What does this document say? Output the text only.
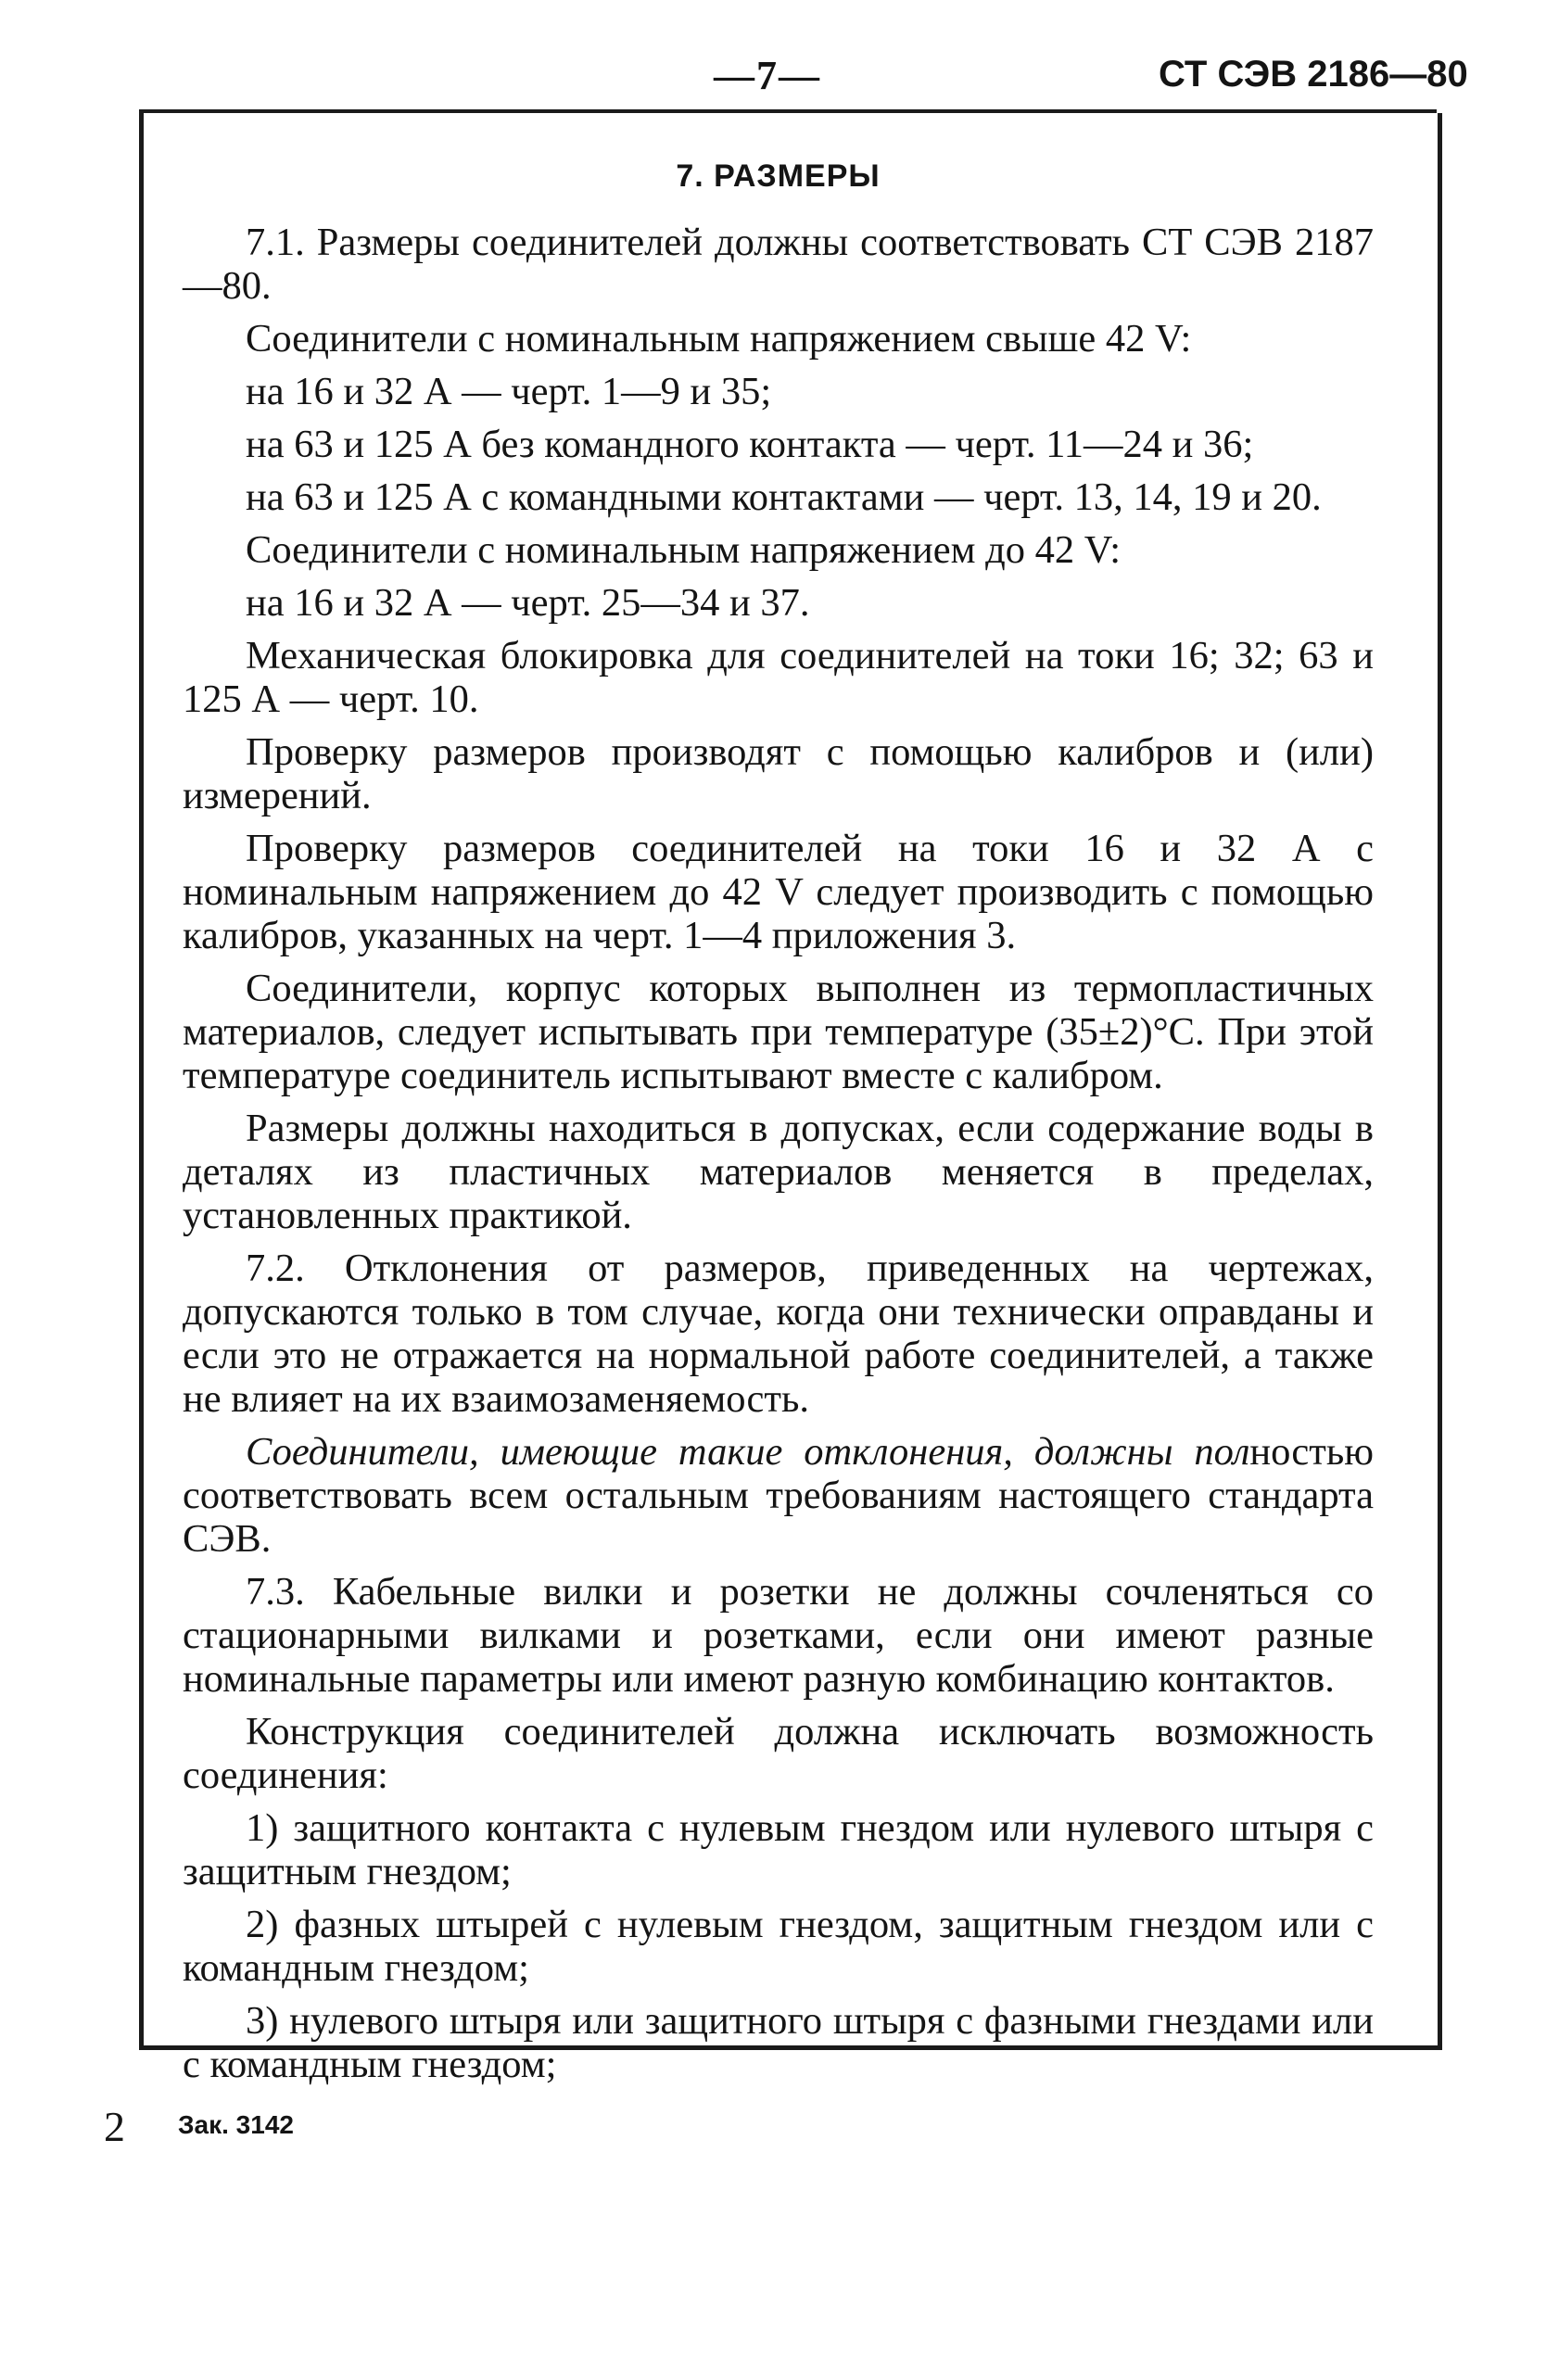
—7—	СТ СЭВ 2186—80
7. РАЗМЕРЫ

7.1. Размеры соединителей должны соответствовать СТ СЭВ 2187—80.

Соединители с номинальным напряжением свыше 42 V:

на 16 и 32 А — черт. 1—9 и 35;

на 63 и 125 А без командного контакта — черт. 11—24 и 36;

на 63 и 125 А с командными контактами — черт. 13, 14, 19 и 20.

Соединители с номинальным напряжением до 42 V:

на 16 и 32 А — черт. 25—34 и 37.

Механическая блокировка для соединителей на токи 16; 32; 63 и 125 А — черт. 10.

Проверку размеров производят с помощью калибров и (или) измерений.

Проверку размеров соединителей на токи 16 и 32 А с номинальным напряжением до 42 V следует производить с помощью калибров, указанных на черт. 1—4 приложения 3.

Соединители, корпус которых выполнен из термопластичных материалов, следует испытывать при температуре (35±2)°С. При этой температуре соединитель испытывают вместе с калибром.

Размеры должны находиться в допусках, если содержание воды в деталях из пластичных материалов меняется в пределах, установленных практикой.

7.2. Отклонения от размеров, приведенных на чертежах, допускаются только в том случае, когда они технически оправданы и если это не отражается на нормальной работе соединителей, а также не влияет на их взаимозаменяемость.

Соединители, имеющие такие отклонения, должны полностью соответствовать всем остальным требованиям настоящего стандарта СЭВ.

7.3. Кабельные вилки и розетки не должны сочленяться со стационарными вилками и розетками, если они имеют разные номинальные параметры или имеют разную комбинацию контактов.

Конструкция соединителей должна исключать возможность соединения:

1) защитного контакта с нулевым гнездом или нулевого штыря с защитным гнездом;

2) фазных штырей с нулевым гнездом, защитным гнездом или с командным гнездом;

3) нулевого штыря или защитного штыря с фазными гнездами или с командным гнездом;

2 Зак. 3142
